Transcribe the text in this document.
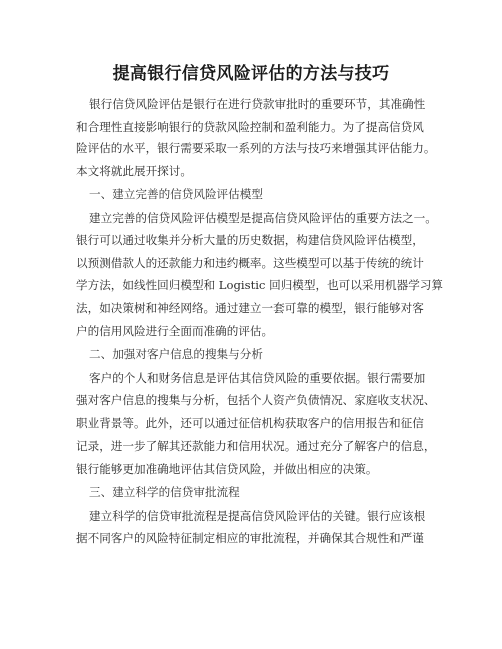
提高银行信贷风险评估的方法与技巧
银行信贷风险评估是银行在进行贷款审批时的重要环节，其准确性
和合理性直接影响银行的贷款风险控制和盈利能力。为了提高信贷风
险评估的水平，银行需要采取一系列的方法与技巧来增强其评估能力。
本文将就此展开探讨。
一、建立完善的信贷风险评估模型
建立完善的信贷风险评估模型是提高信贷风险评估的重要方法之一。
银行可以通过收集并分析大量的历史数据，构建信贷风险评估模型，
以预测借款人的还款能力和违约概率。这些模型可以基于传统的统计
学方法，如线性回归模型和 Logistic 回归模型，也可以采用机器学习算
法，如决策树和神经网络。通过建立一套可靠的模型，银行能够对客
户的信用风险进行全面而准确的评估。
二、加强对客户信息的搜集与分析
客户的个人和财务信息是评估其信贷风险的重要依据。银行需要加
强对客户信息的搜集与分析，包括个人资产负债情况、家庭收支状况、
职业背景等。此外，还可以通过征信机构获取客户的信用报告和征信
记录，进一步了解其还款能力和信用状况。通过充分了解客户的信息，
银行能够更加准确地评估其信贷风险，并做出相应的决策。
三、建立科学的信贷审批流程
建立科学的信贷审批流程是提高信贷风险评估的关键。银行应该根
据不同客户的风险特征制定相应的审批流程，并确保其合规性和严谨
